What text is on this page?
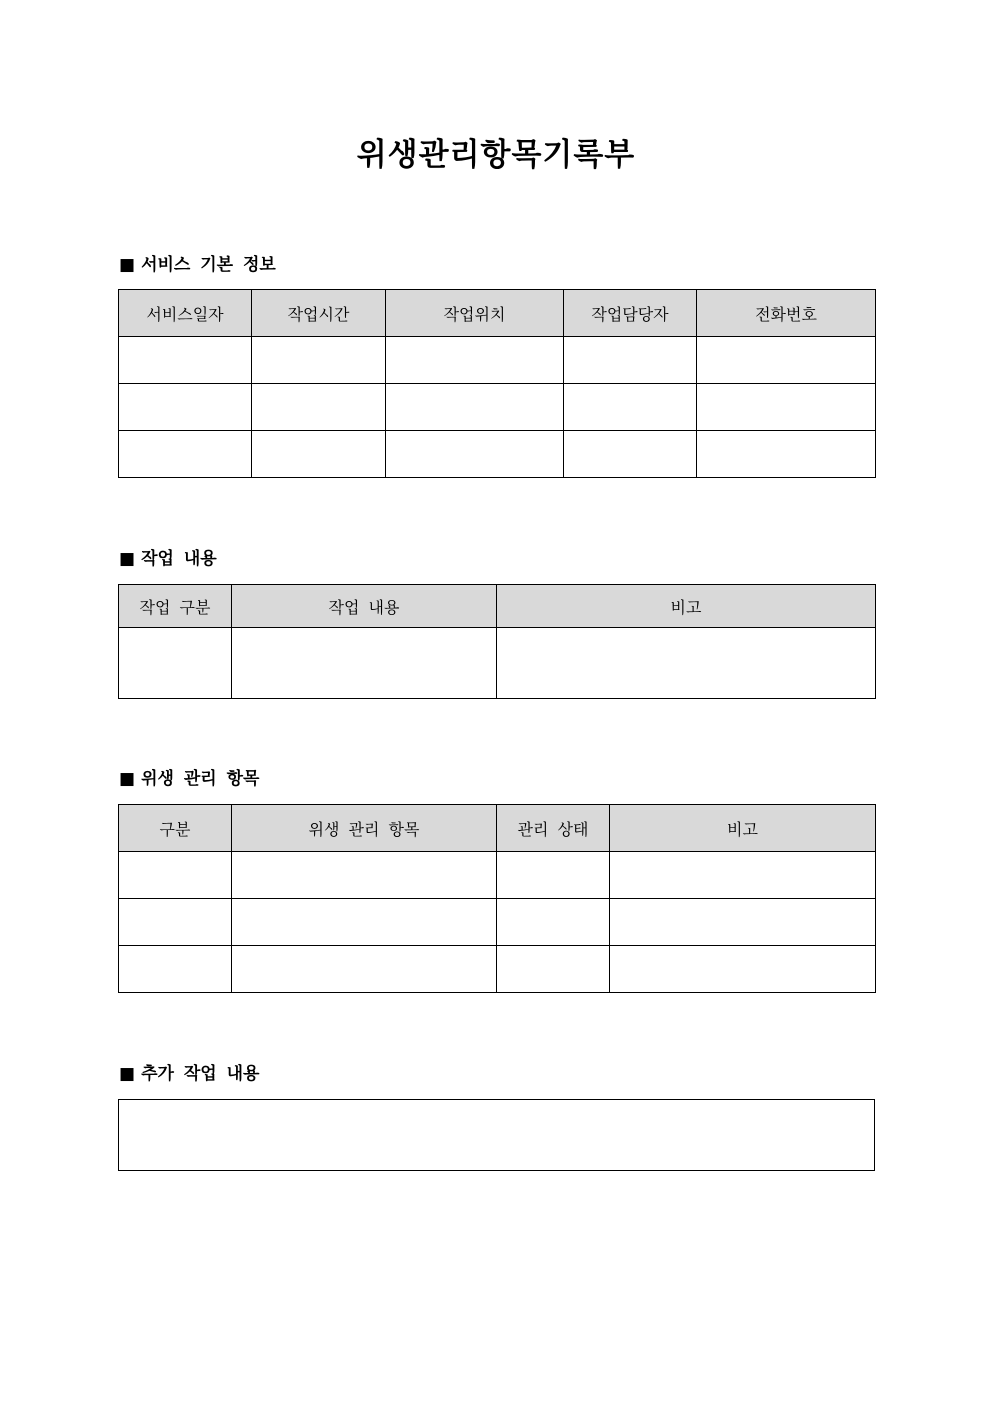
위생관리항목기록부
■ 서비스 기본 정보
서비스일자	작업시간	작업위치	작업담당자	전화번호

■ 작업 내용
작업 구분	작업 내용	비고

■ 위생 관리 항목
구분	위생 관리 항목	관리 상태	비고

■ 추가 작업 내용
